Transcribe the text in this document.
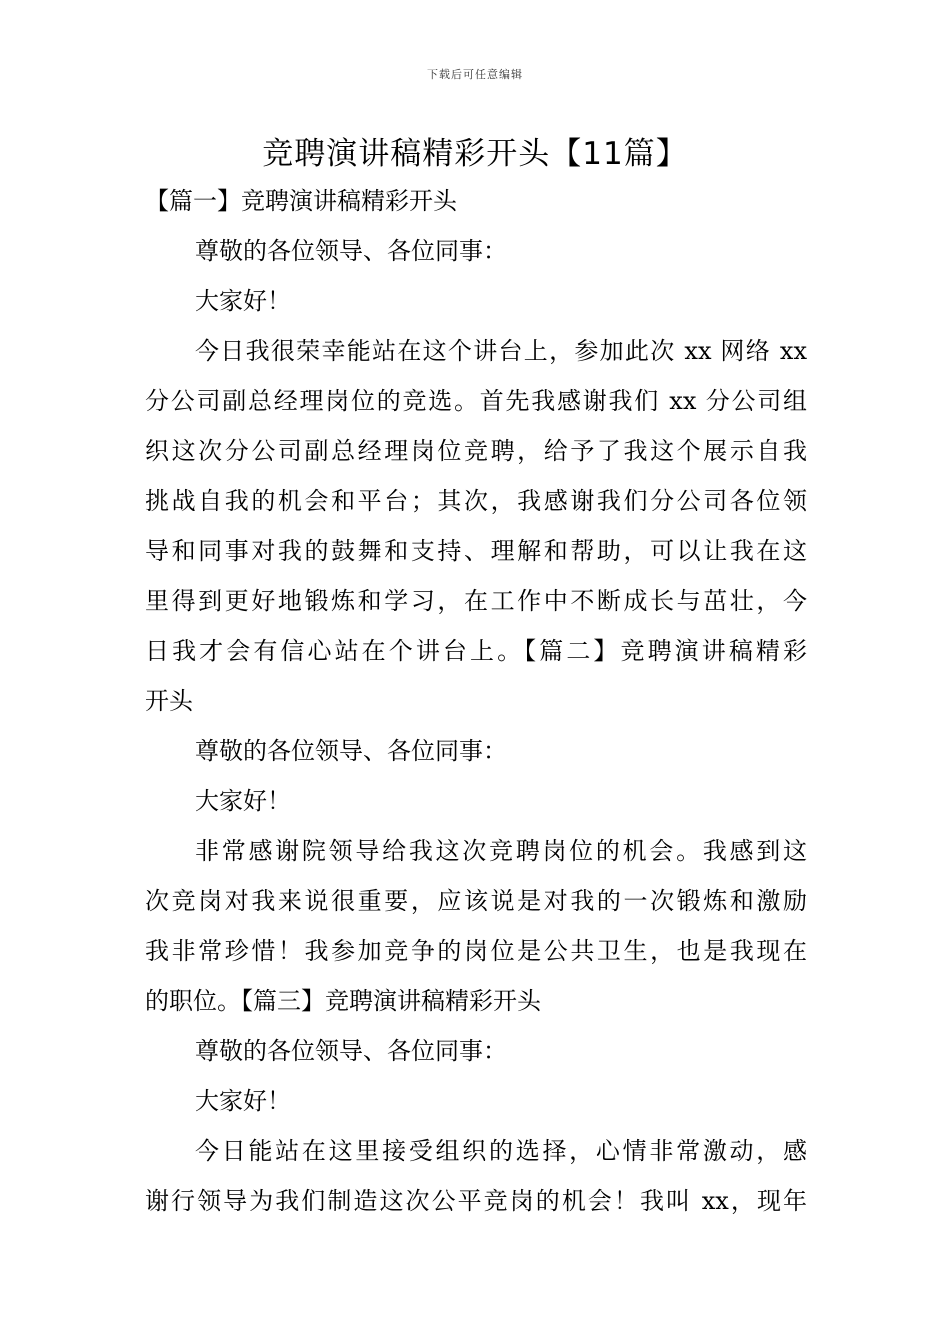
下载后可任意编辑
竞聘演讲稿精彩开头【11篇】
【篇一】竞聘演讲稿精彩开头
尊敬的各位领导、各位同事：
大家好！
今日我很荣幸能站在这个讲台上，参加此次 xx 网络 xx
分公司副总经理岗位的竞选。首先我感谢我们 xx 分公司组
织这次分公司副总经理岗位竞聘，给予了我这个展示自我
挑战自我的机会和平台；其次，我感谢我们分公司各位领
导和同事对我的鼓舞和支持、理解和帮助，可以让我在这
里得到更好地锻炼和学习，在工作中不断成长与茁壮，今
日我才会有信心站在个讲台上。【篇二】竞聘演讲稿精彩
开头
尊敬的各位领导、各位同事：
大家好！
非常感谢院领导给我这次竞聘岗位的机会。我感到这
次竞岗对我来说很重要，应该说是对我的一次锻炼和激励
我非常珍惜！我参加竞争的岗位是公共卫生，也是我现在
的职位。【篇三】竞聘演讲稿精彩开头
尊敬的各位领导、各位同事：
大家好！
今日能站在这里接受组织的选择，心情非常激动，感
谢行领导为我们制造这次公平竞岗的机会！我叫 xx，现年
